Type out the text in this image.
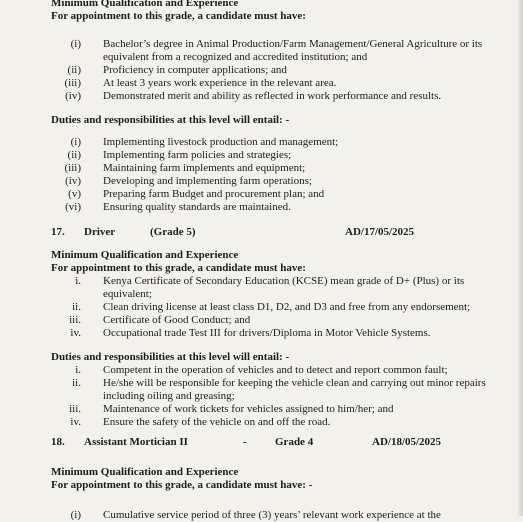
Minimum Qualification and Experience
For appointment to this grade, a candidate must have:
(i) Bachelor’s degree in Animal Production/Farm Management/General Agriculture or its
equivalent from a recognized and accredited institution; and
(ii) Proficiency in computer applications; and
(iii) At least 3 years work experience in the relevant area.
(iv) Demonstrated merit and ability as reflected in work performance and results.
Duties and responsibilities at this level will entail: -
(i) Implementing livestock production and management;
(ii) Implementing farm policies and strategies;
(iii) Maintaining farm implements and equipment;
(iv) Developing and implementing farm operations;
(v) Preparing farm Budget and procurement plan; and
(vi) Ensuring quality standards are maintained.
17. Driver	(Grade 5)	AD/17/05/2025
Minimum Qualification and Experience
For appointment to this grade, a candidate must have:
i. Kenya Certificate of Secondary Education (KCSE) mean grade of D+ (Plus) or its
equivalent;
ii. Clean driving license at least class D1, D2, and D3 and free from any endorsement;
iii. Certificate of Good Conduct; and
iv. Occupational trade Test III for drivers/Diploma in Motor Vehicle Systems.
Duties and responsibilities at this level will entail: -
i. Competent in the operation of vehicles and to detect and report common fault;
ii. He/she will be responsible for keeping the vehicle clean and carrying out minor repairs
including oiling and greasing;
iii. Maintenance of work tickets for vehicles assigned to him/her; and
iv. Ensure the safety of the vehicle on and off the road.
18. Assistant Mortician II	-	Grade 4	AD/18/05/2025
Minimum Qualification and Experience
For appointment to this grade, a candidate must have: -
(i) Cumulative service period of three (3) years’ relevant work experience at the
